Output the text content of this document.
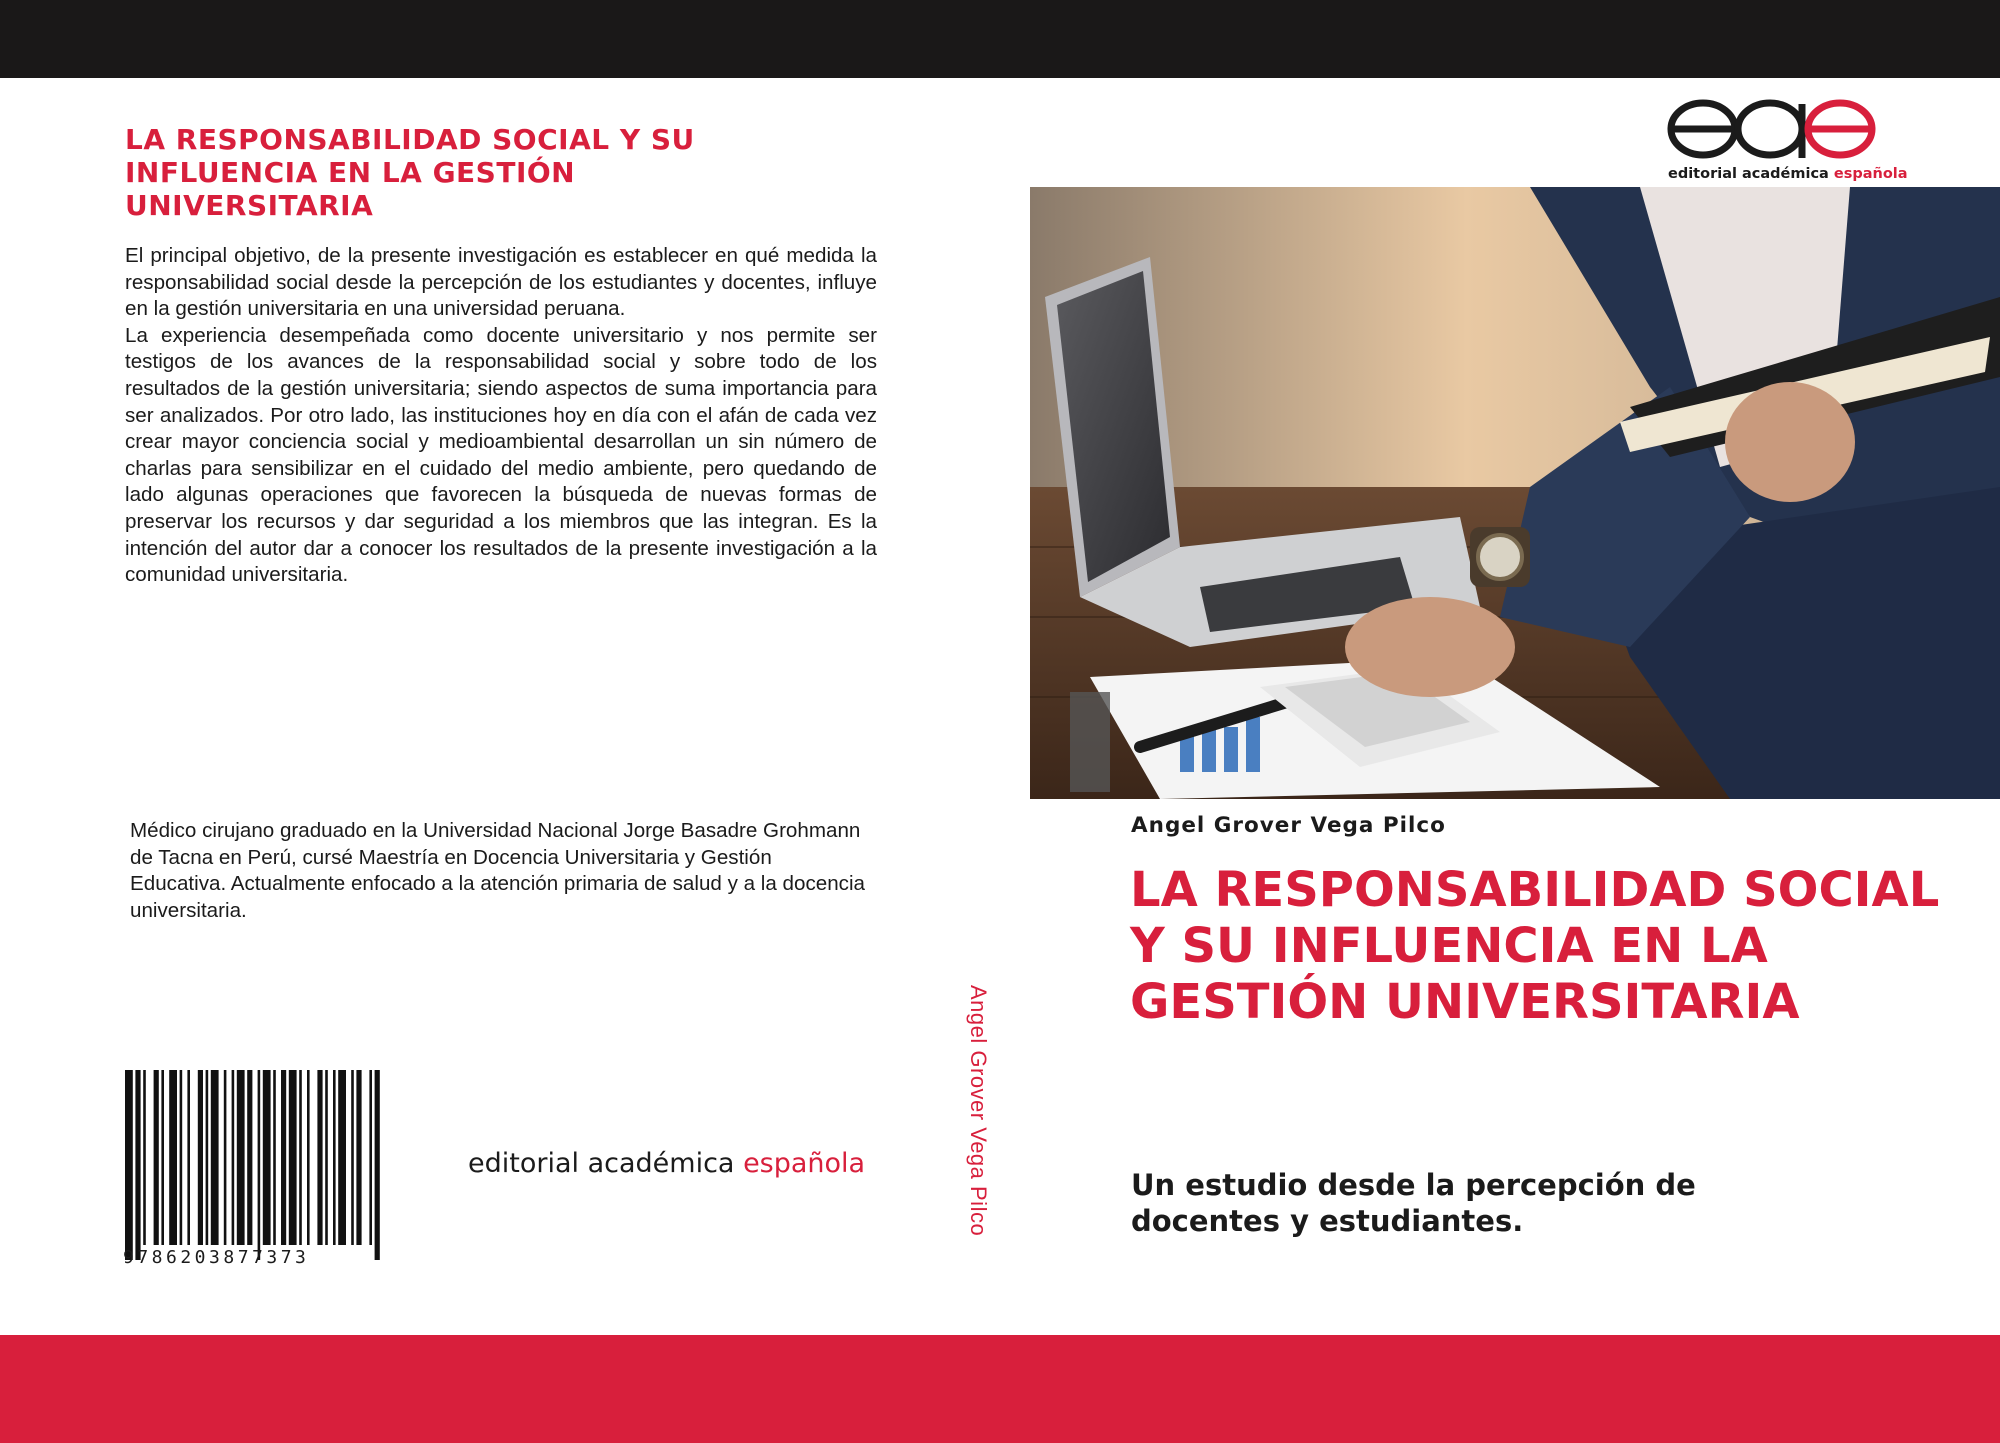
LA RESPONSABILIDAD SOCIAL Y SU INFLUENCIA EN LA GESTIÓN UNIVERSITARIA

El principal objetivo, de la presente investigación es establecer en qué medida la responsabilidad social desde la percepción de los estudiantes y docentes, influye en la gestión universitaria en una universidad peruana.

La experiencia desempeñada como docente universitario y nos permite ser testigos de los avances de la responsabilidad social y sobre todo de los resultados de la gestión universitaria; siendo aspectos de suma importancia para ser analizados. Por otro lado, las instituciones hoy en día con el afán de cada vez crear mayor conciencia social y medioambiental desarrollan un sin número de charlas para sensibilizar en el cuidado del medio ambiente, pero quedando de lado algunas operaciones que favorecen la búsqueda de nuevas formas de preservar los recursos y dar seguridad a los miembros que las integran. Es la intención del autor dar a conocer los resultados de la presente investigación a la comunidad universitaria.

Médico cirujano graduado en la Universidad Nacional Jorge Basadre Grohmann de Tacna en Perú, cursé Maestría en Docencia Universitaria y Gestión Educativa. Actualmente enfocado a la atención primaria de salud y a la docencia universitaria.
9786203877373
editorial académica española	Angel Grover Vega Pilco
editorial académica española
Angel Grover Vega Pilco
LA RESPONSABILIDAD SOCIAL Y SU INFLUENCIA EN LA GESTIÓN UNIVERSITARIA
Un estudio desde la percepción de docentes y estudiantes.
